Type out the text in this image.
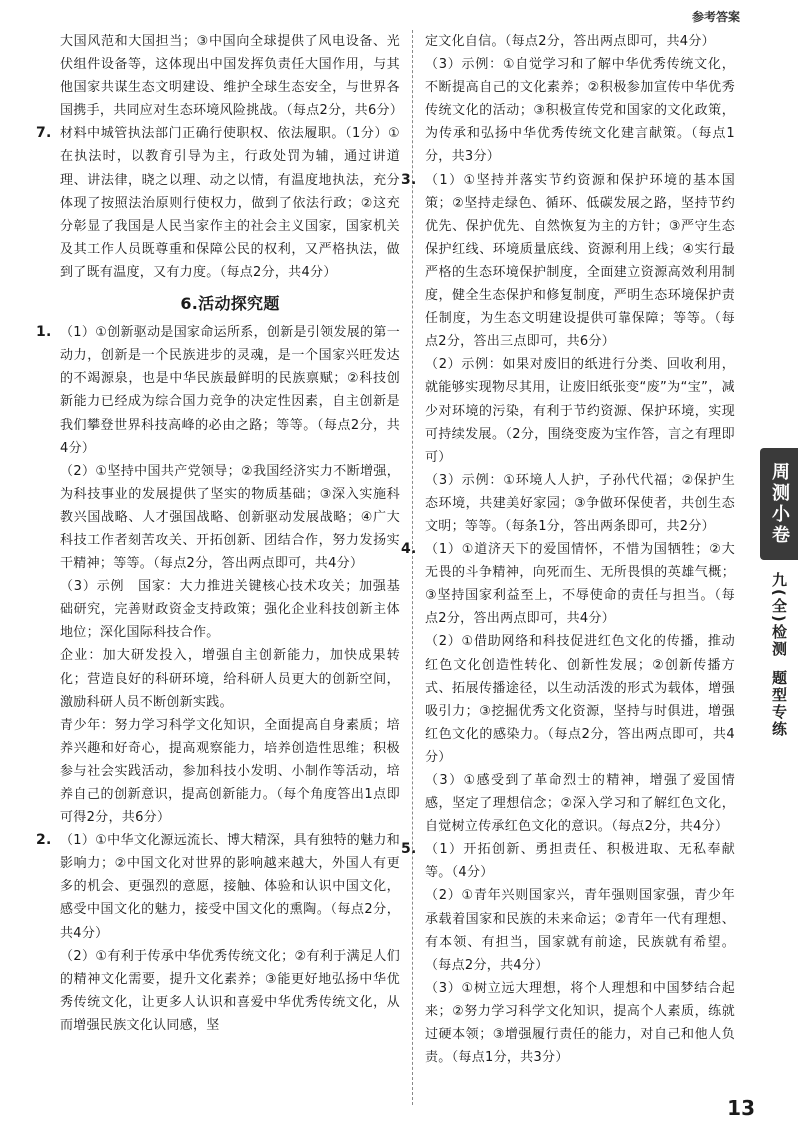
参考答案

大国风范和大国担当；③中国向全球提供了风电设备、光伏组件设备等，这体现出中国发挥负责任大国作用，与其他国家共谋生态文明建设、维护全球生态安全，与世界各国携手，共同应对生态环境风险挑战。（每点2分，共6分）

7. 材料中城管执法部门正确行使职权、依法履职。（1分）①在执法时，以教育引导为主，行政处罚为辅，通过讲道理、讲法律，晓之以理、动之以情，有温度地执法，充分体现了按照法治原则行使权力，做到了依法行政；②这充分彰显了我国是人民当家作主的社会主义国家，国家机关及其工作人员既尊重和保障公民的权利，又严格执法，做到了既有温度，又有力度。（每点2分，共4分）

6.活动探究题
1. （1）①创新驱动是国家命运所系，创新是引领发展的第一动力，创新是一个民族进步的灵魂，是一个国家兴旺发达的不竭源泉，也是中华民族最鲜明的民族禀赋；②科技创新能力已经成为综合国力竞争的决定性因素，自主创新是我们攀登世界科技高峰的必由之路；等等。（每点2分，共4分）

（2）①坚持中国共产党领导；②我国经济实力不断增强，为科技事业的发展提供了坚实的物质基础；③深入实施科教兴国战略、人才强国战略、创新驱动发展战略；④广大科技工作者刻苦攻关、开拓创新、团结合作，努力发扬实干精神；等等。（每点2分，答出两点即可，共4分）

（3）示例　国家：大力推进关键核心技术攻关；加强基础研究，完善财政资金支持政策；强化企业科技创新主体地位；深化国际科技合作。

企业：加大研发投入，增强自主创新能力，加快成果转化；营造良好的科研环境，给科研人员更大的创新空间，激励科研人员不断创新实践。

青少年：努力学习科学文化知识，全面提高自身素质；培养兴趣和好奇心，提高观察能力，培养创造性思维；积极参与社会实践活动，参加科技小发明、小制作等活动，培养自己的创新意识，提高创新能力。（每个角度答出1点即可得2分，共6分）

2. （1）①中华文化源远流长、博大精深，具有独特的魅力和影响力；②中国文化对世界的影响越来越大，外国人有更多的机会、更强烈的意愿，接触、体验和认识中国文化，感受中国文化的魅力，接受中国文化的熏陶。（每点2分，共4分）

（2）①有利于传承中华优秀传统文化；②有利于满足人们的精神文化需要，提升文化素养；③能更好地弘扬中华优秀传统文化，让更多人认识和喜爱中华优秀传统文化，从而增强民族文化认同感，坚

定文化自信。（每点2分，答出两点即可，共4分）

（3）示例：①自觉学习和了解中华优秀传统文化，不断提高自己的文化素养；②积极参加宣传中华优秀传统文化的活动；③积极宣传党和国家的文化政策，为传承和弘扬中华优秀传统文化建言献策。（每点1分，共3分）

3. （1）①坚持并落实节约资源和保护环境的基本国策；②坚持走绿色、循环、低碳发展之路，坚持节约优先、保护优先、自然恢复为主的方针；③严守生态保护红线、环境质量底线、资源利用上线；④实行最严格的生态环境保护制度，全面建立资源高效利用制度，健全生态保护和修复制度，严明生态环境保护责任制度，为生态文明建设提供可靠保障；等等。（每点2分，答出三点即可，共6分）

（2）示例：如果对废旧的纸进行分类、回收利用，就能够实现物尽其用，让废旧纸张变“废”为“宝”，减少对环境的污染，有利于节约资源、保护环境，实现可持续发展。（2分，围绕变废为宝作答，言之有理即可）

（3）示例：①环境人人护，子孙代代福；②保护生态环境，共建美好家园；③争做环保使者，共创生态文明；等等。（每条1分，答出两条即可，共2分）

4. （1）①道济天下的爱国情怀，不惜为国牺牲；②大无畏的斗争精神，向死而生、无所畏惧的英雄气概；③坚持国家利益至上，不辱使命的责任与担当。（每点2分，答出两点即可，共4分）

（2）①借助网络和科技促进红色文化的传播，推动红色文化创造性转化、创新性发展；②创新传播方式、拓展传播途径，以生动活泼的形式为载体，增强吸引力；③挖掘优秀文化资源，坚持与时俱进，增强红色文化的感染力。（每点2分，答出两点即可，共4分）

（3）①感受到了革命烈士的精神，增强了爱国情感，坚定了理想信念；②深入学习和了解红色文化，自觉树立传承红色文化的意识。（每点2分，共4分）

5. （1）开拓创新、勇担责任、积极进取、无私奉献等。（4分）

（2）①青年兴则国家兴，青年强则国家强，青少年承载着国家和民族的未来命运；②青年一代有理想、有本领、有担当，国家就有前途，民族就有希望。（每点2分，共4分）

（3）①树立远大理想，将个人理想和中国梦结合起来；②努力学习科学文化知识，提高个人素质，练就过硬本领；③增强履行责任的能力，对自己和他人负责。（每点1分，共3分）

周测小卷
九(全)检测
题型专练
13
